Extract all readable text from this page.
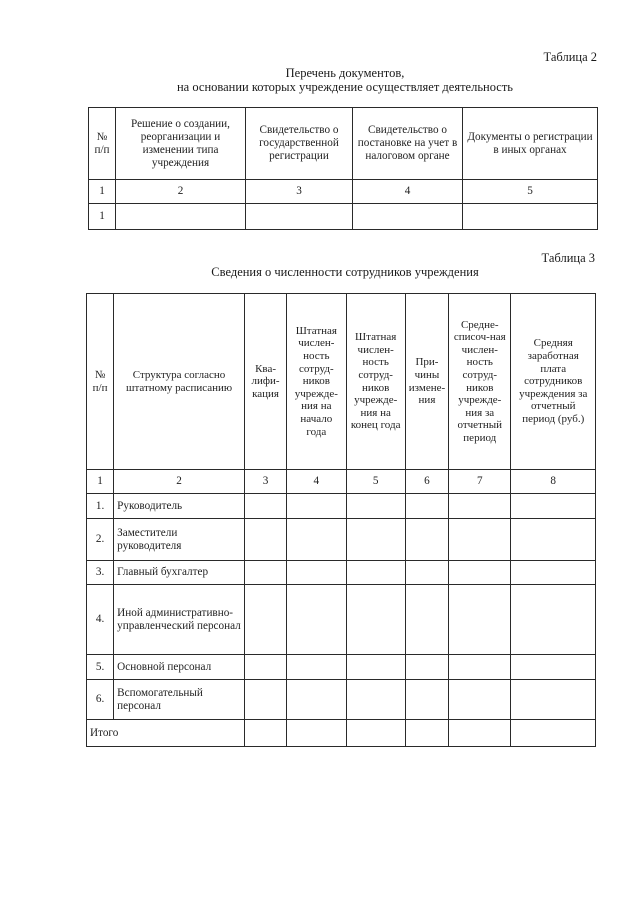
Таблица 2
Перечень документов,
на основании которых учреждение осуществляет деятельность
№ п/п	Решение о создании, реорганизации и изменении типа учреждения	Свидетельство о государственной регистрации	Свидетельство о постановке на учет в налоговом органе	Документы о регистрации в иных органах
1	2	3	4	5
1				
Таблица 3
Сведения о численности сотрудников учреждения
№ п/п	Структура согласно штатному расписанию	Ква-лифи-кация	Штатная числен-ность сотруд-ников учрежде-ния на начало года	Штатная числен-ность сотруд-ников учрежде-ния на конец года	При-чины измене-ния	Средне-списоч-ная числен-ность сотруд-ников учрежде-ния за отчетный период	Средняя заработная плата сотрудников учреждения за отчетный период (руб.)
1	2	3	4	5	6	7	8
1.	Руководитель						
2.	Заместители руководителя						
3.	Главный бухгалтер						
4.	Иной административно-управленческий персонал						
5.	Основной персонал						
6.	Вспомогательный персонал						
Итого							
